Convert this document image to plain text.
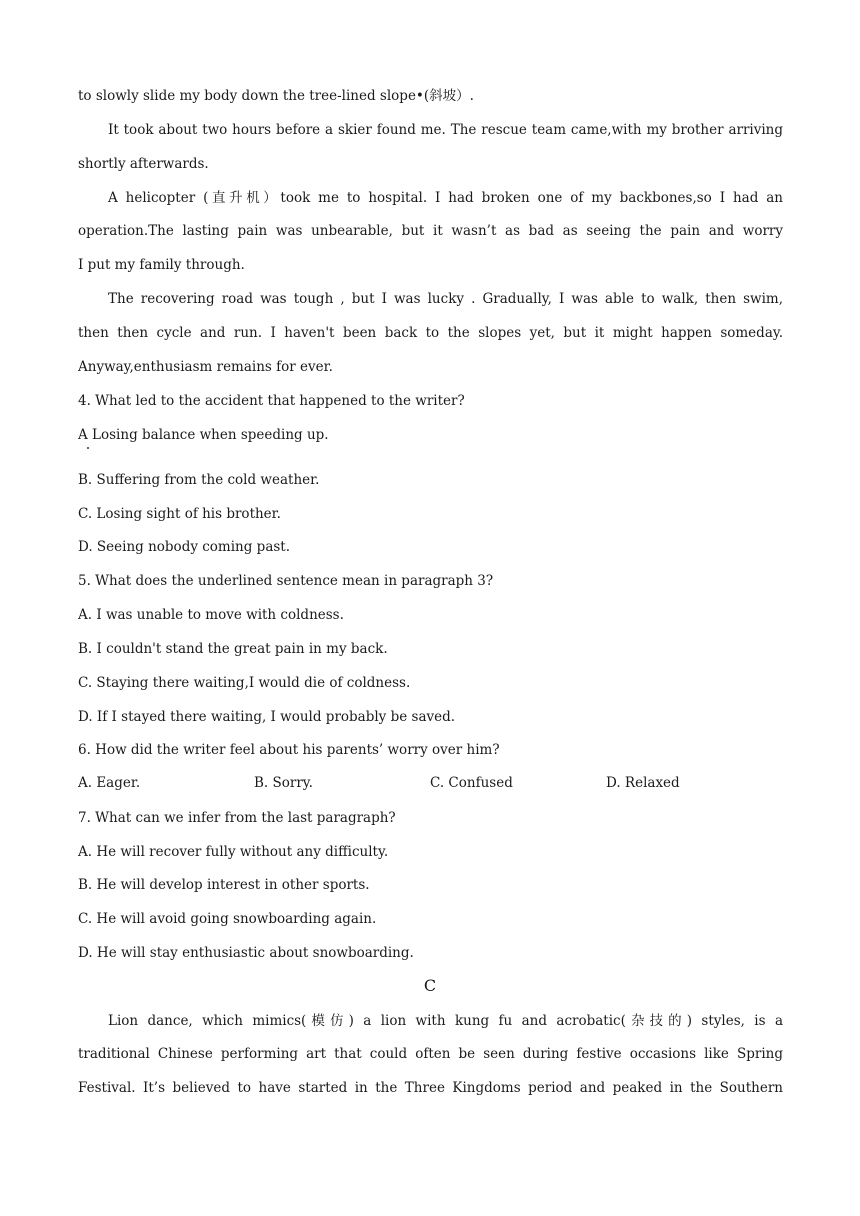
to slowly slide my body down the tree-lined slope•(斜坡）.
It took about two hours before a skier found me. The rescue team came,with my brother arriving
shortly afterwards.
A helicopter (直升机）took me to hospital. I had broken one of my backbones,so I had an
operation.The lasting pain was unbearable, but it wasn’t as bad as seeing the pain and worry
I put my family through.
The recovering road was tough , but I was lucky . Gradually, I was able to walk, then swim,
then then cycle and run. I haven't been back to the slopes yet, but it might happen someday.
Anyway,enthusiasm remains for ever.
4. What led to the accident that happened to the writer?
A Losing balance when speeding up.
B. Suffering from the cold weather.
C. Losing sight of his brother.
D. Seeing nobody coming past.
5. What does the underlined sentence mean in paragraph 3?
A. I was unable to move with coldness.
B. I couldn't stand the great pain in my back.
C. Staying there waiting,I would die of coldness.
D. If I stayed there waiting, I would probably be saved.
6. How did the writer feel about his parents’ worry over him?
A. Eager.	B. Sorry.	C. Confused	D. Relaxed
7. What can we infer from the last paragraph?
A. He will recover fully without any difficulty.
B. He will develop interest in other sports.
C. He will avoid going snowboarding again.
D. He will stay enthusiastic about snowboarding.
C
Lion dance, which mimics(模仿) a lion with kung fu and acrobatic(杂技的) styles, is a
traditional Chinese performing art that could often be seen during festive occasions like Spring
Festival. It’s believed to have started in the Three Kingdoms period and peaked in the Southern
